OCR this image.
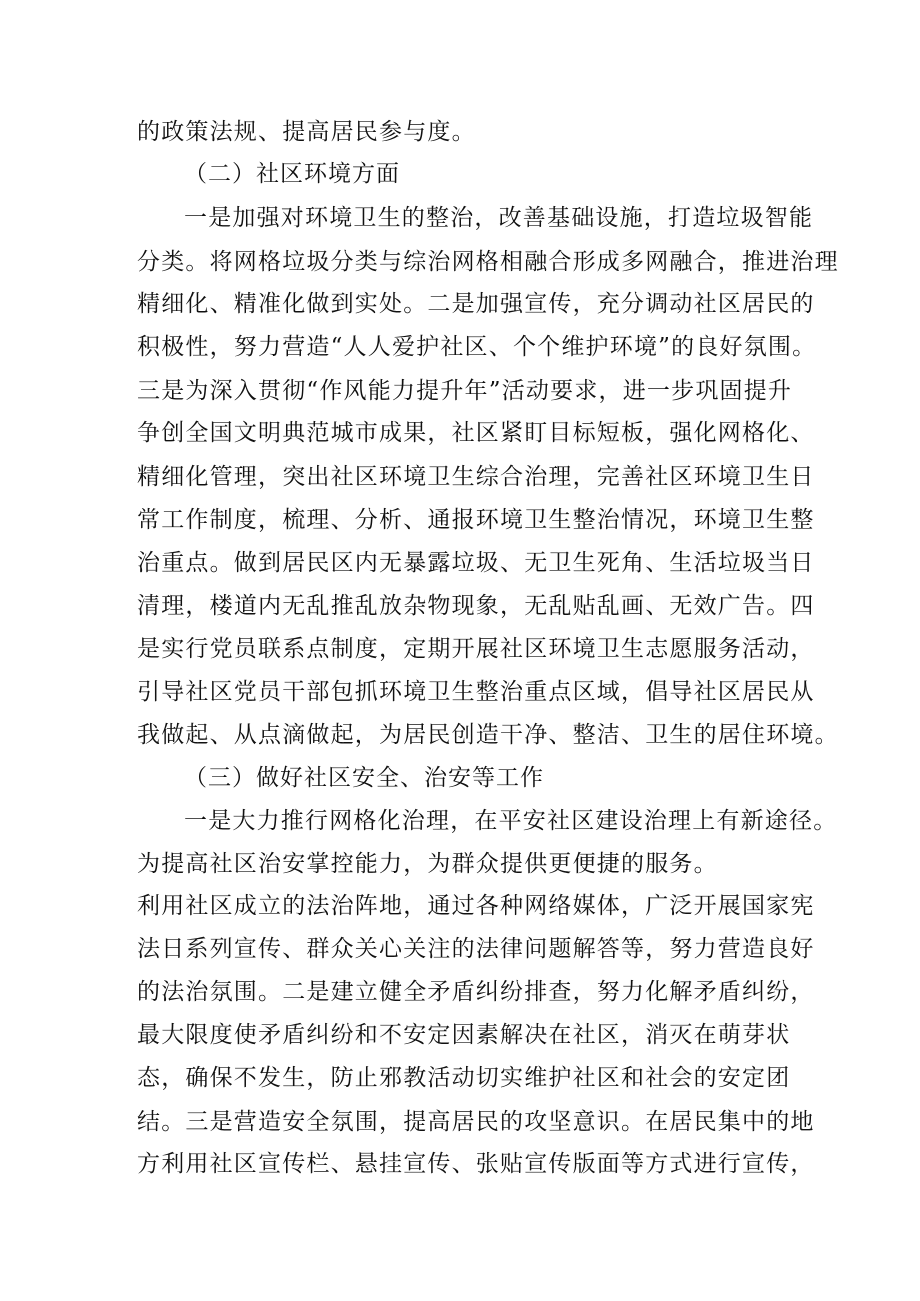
的政策法规、提高居民参与度。
（二）社区环境方面
一是加强对环境卫生的整治，改善基础设施，打造垃圾智能
分类。将网格垃圾分类与综治网格相融合形成多网融合，推进治理
精细化、精准化做到实处。二是加强宣传，充分调动社区居民的
积极性，努力营造“人人爱护社区、个个维护环境”的良好氛围。
三是为深入贯彻“作风能力提升年”活动要求，进一步巩固提升
争创全国文明典范城市成果，社区紧盯目标短板，强化网格化、
精细化管理，突出社区环境卫生综合治理，完善社区环境卫生日
常工作制度，梳理、分析、通报环境卫生整治情况，环境卫生整
治重点。做到居民区内无暴露垃圾、无卫生死角、生活垃圾当日
清理，楼道内无乱推乱放杂物现象，无乱贴乱画、无效广告。四
是实行党员联系点制度，定期开展社区环境卫生志愿服务活动，
引导社区党员干部包抓环境卫生整治重点区域，倡导社区居民从
我做起、从点滴做起，为居民创造干净、整洁、卫生的居住环境。
（三）做好社区安全、治安等工作
一是大力推行网格化治理，在平安社区建设治理上有新途径。
为提高社区治安掌控能力，为群众提供更便捷的服务。
利用社区成立的法治阵地，通过各种网络媒体，广泛开展国家宪
法日系列宣传、群众关心关注的法律问题解答等，努力营造良好
的法治氛围。二是建立健全矛盾纠纷排查，努力化解矛盾纠纷，
最大限度使矛盾纠纷和不安定因素解决在社区，消灭在萌芽状
态，确保不发生，防止邪教活动切实维护社区和社会的安定团
结。三是营造安全氛围，提高居民的攻坚意识。在居民集中的地
方利用社区宣传栏、悬挂宣传、张贴宣传版面等方式进行宣传，
